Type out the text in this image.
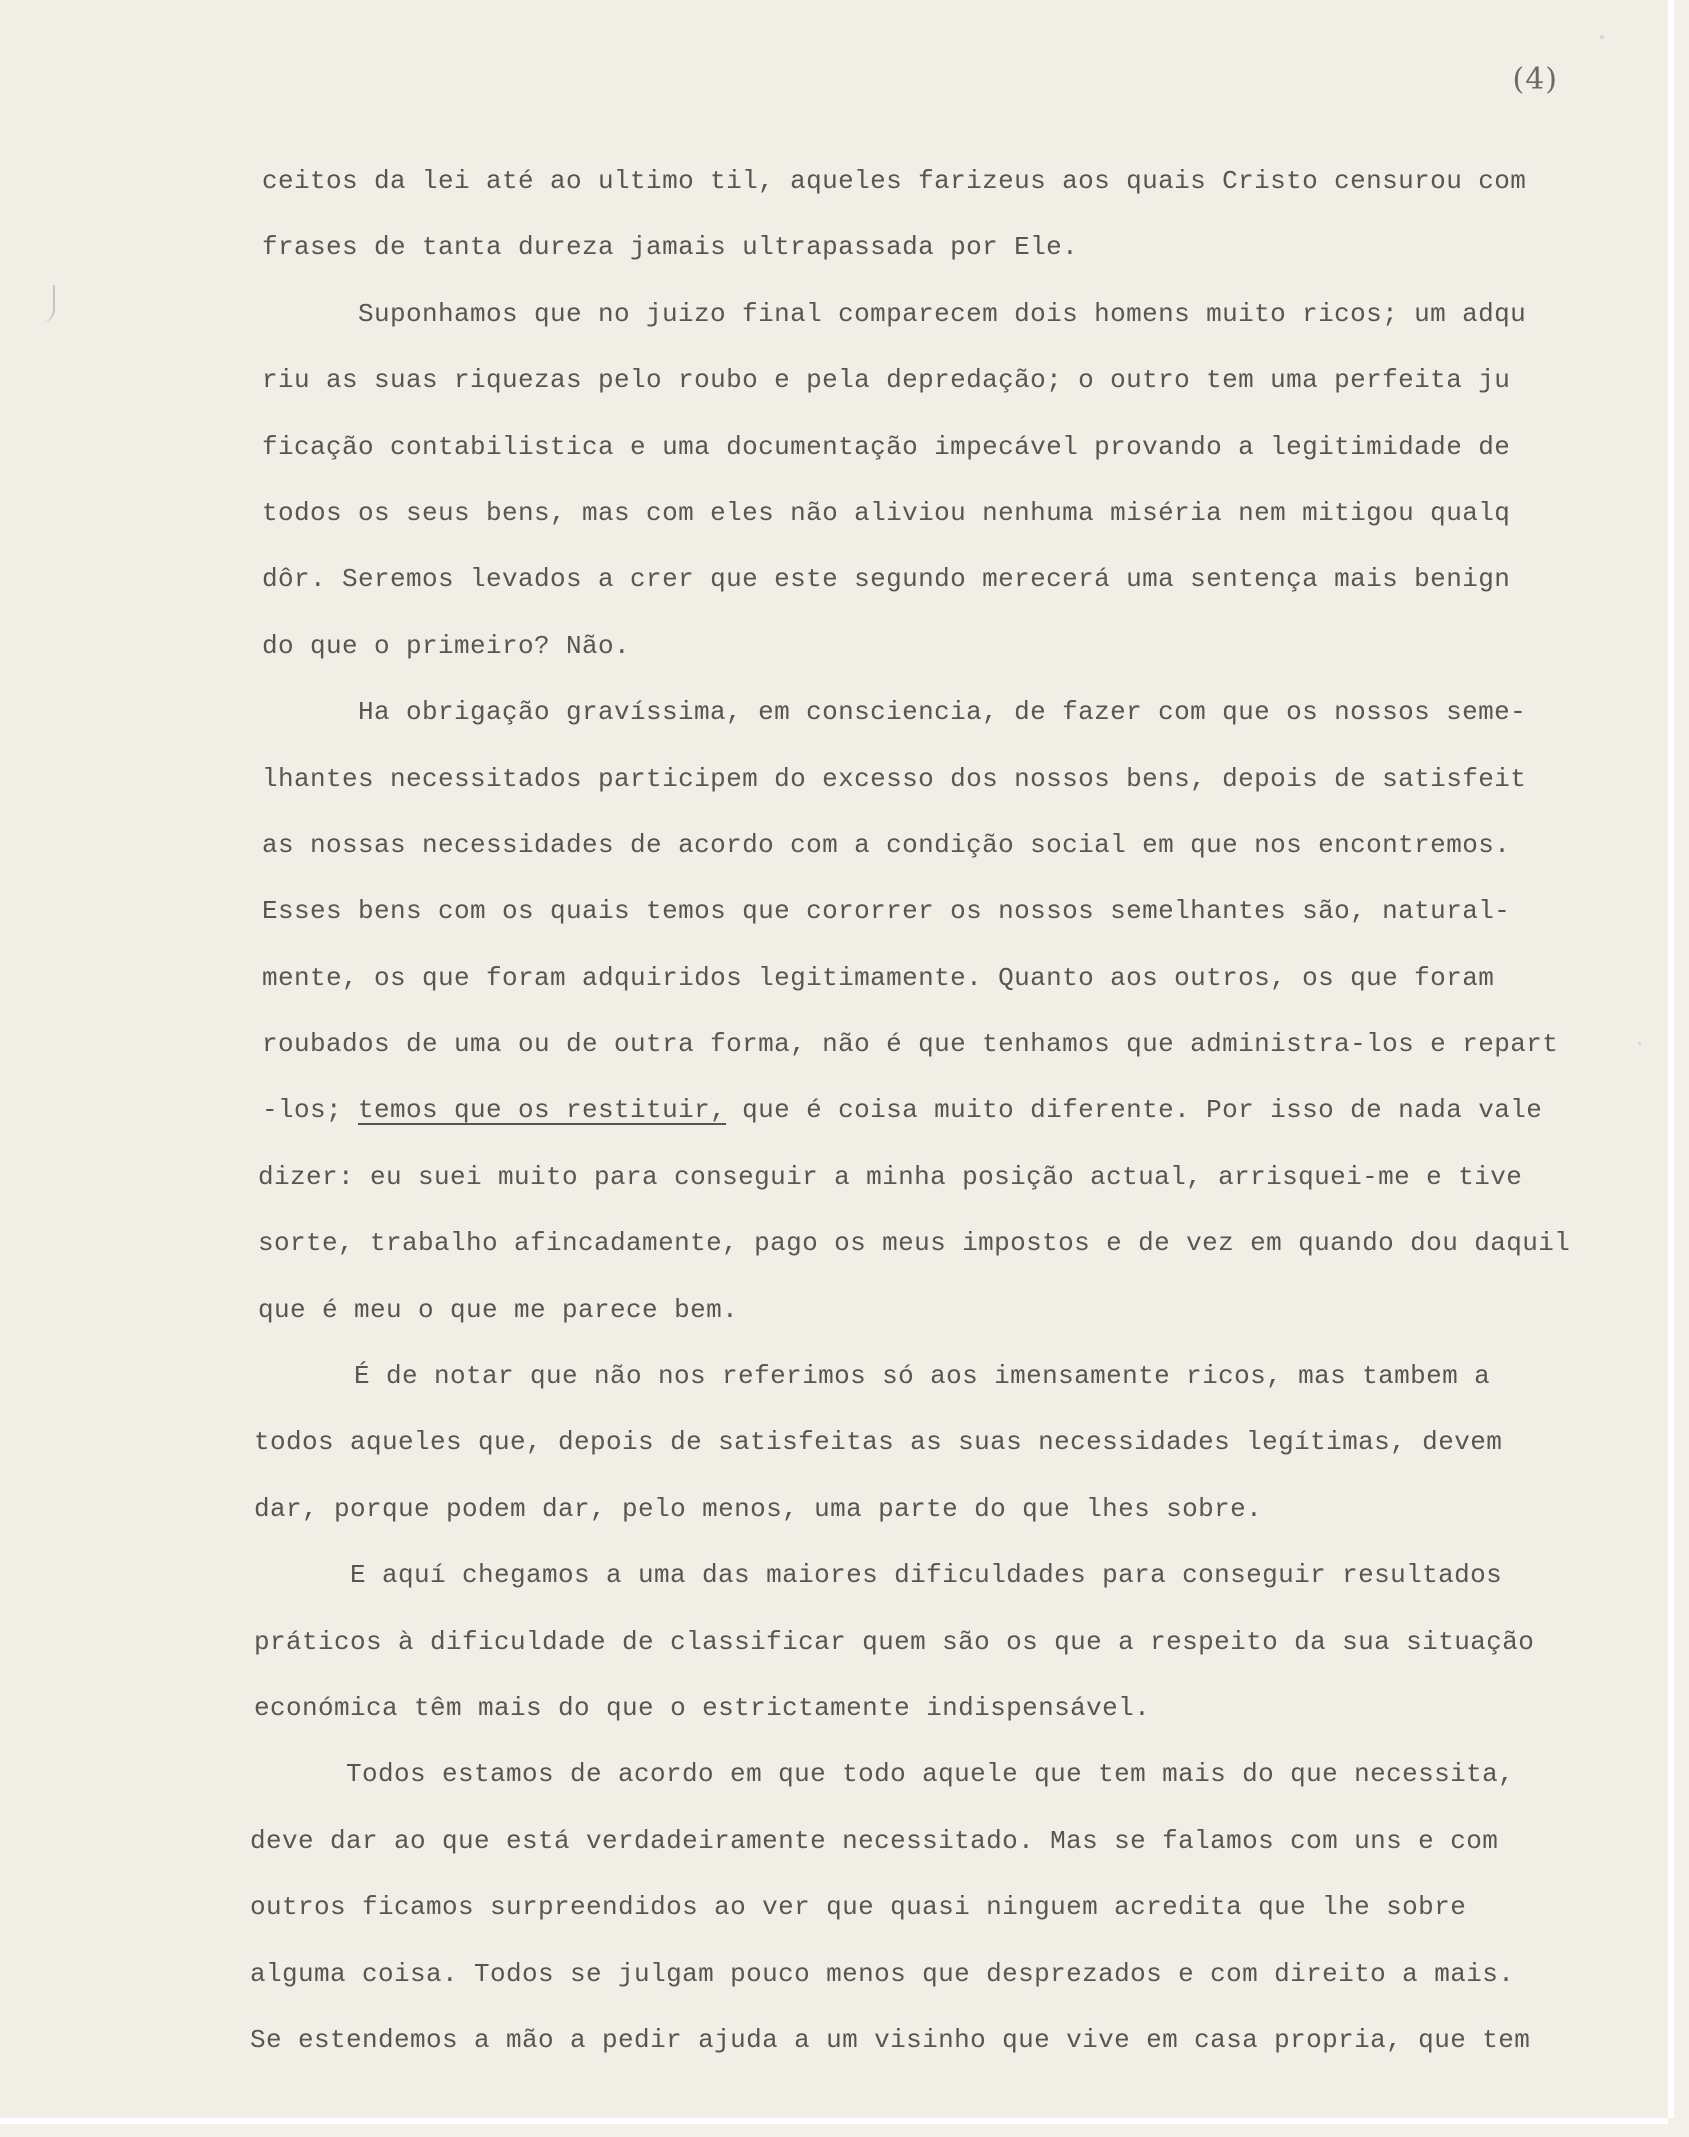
(4)
ceitos da lei até ao ultimo til, aqueles farizeus aos quais Cristo censurou com
frases de tanta dureza jamais ultrapassada por Ele.
Suponhamos que no juizo final comparecem dois homens muito ricos; um adqu
riu as suas riquezas pelo roubo e pela depredação; o outro tem uma perfeita ju
ficação contabilistica e uma documentação impecável provando a legitimidade de
todos os seus bens, mas com eles não aliviou nenhuma miséria nem mitigou qualq
dôr. Seremos levados a crer que este segundo merecerá uma sentença mais benign
do que o primeiro? Não.
Ha obrigação gravíssima, em consciencia, de fazer com que os nossos seme-
lhantes necessitados participem do excesso dos nossos bens, depois de satisfeit
as nossas necessidades de acordo com a condição social em que nos encontremos.
Esses bens com os quais temos que cororrer os nossos semelhantes são, natural-
mente, os que foram adquiridos legitimamente. Quanto aos outros, os que foram
roubados de uma ou de outra forma, não é que tenhamos que administra-los e repart
-los; temos que os restituir, que é coisa muito diferente. Por isso de nada vale
dizer: eu suei muito para conseguir a minha posição actual, arrisquei-me e tive
sorte, trabalho afincadamente, pago os meus impostos e de vez em quando dou daquil
que é meu o que me parece bem.
É de notar que não nos referimos só aos imensamente ricos, mas tambem a
todos aqueles que, depois de satisfeitas as suas necessidades legítimas, devem
dar, porque podem dar, pelo menos, uma parte do que lhes sobre.
E aquí chegamos a uma das maiores dificuldades para conseguir resultados
práticos à dificuldade de classificar quem são os que a respeito da sua situação
económica têm mais do que o estrictamente indispensável.
Todos estamos de acordo em que todo aquele que tem mais do que necessita,
deve dar ao que está verdadeiramente necessitado. Mas se falamos com uns e com
outros ficamos surpreendidos ao ver que quasi ninguem acredita que lhe sobre
alguma coisa. Todos se julgam pouco menos que desprezados e com direito a mais.
Se estendemos a mão a pedir ajuda a um visinho que vive em casa propria, que tem
